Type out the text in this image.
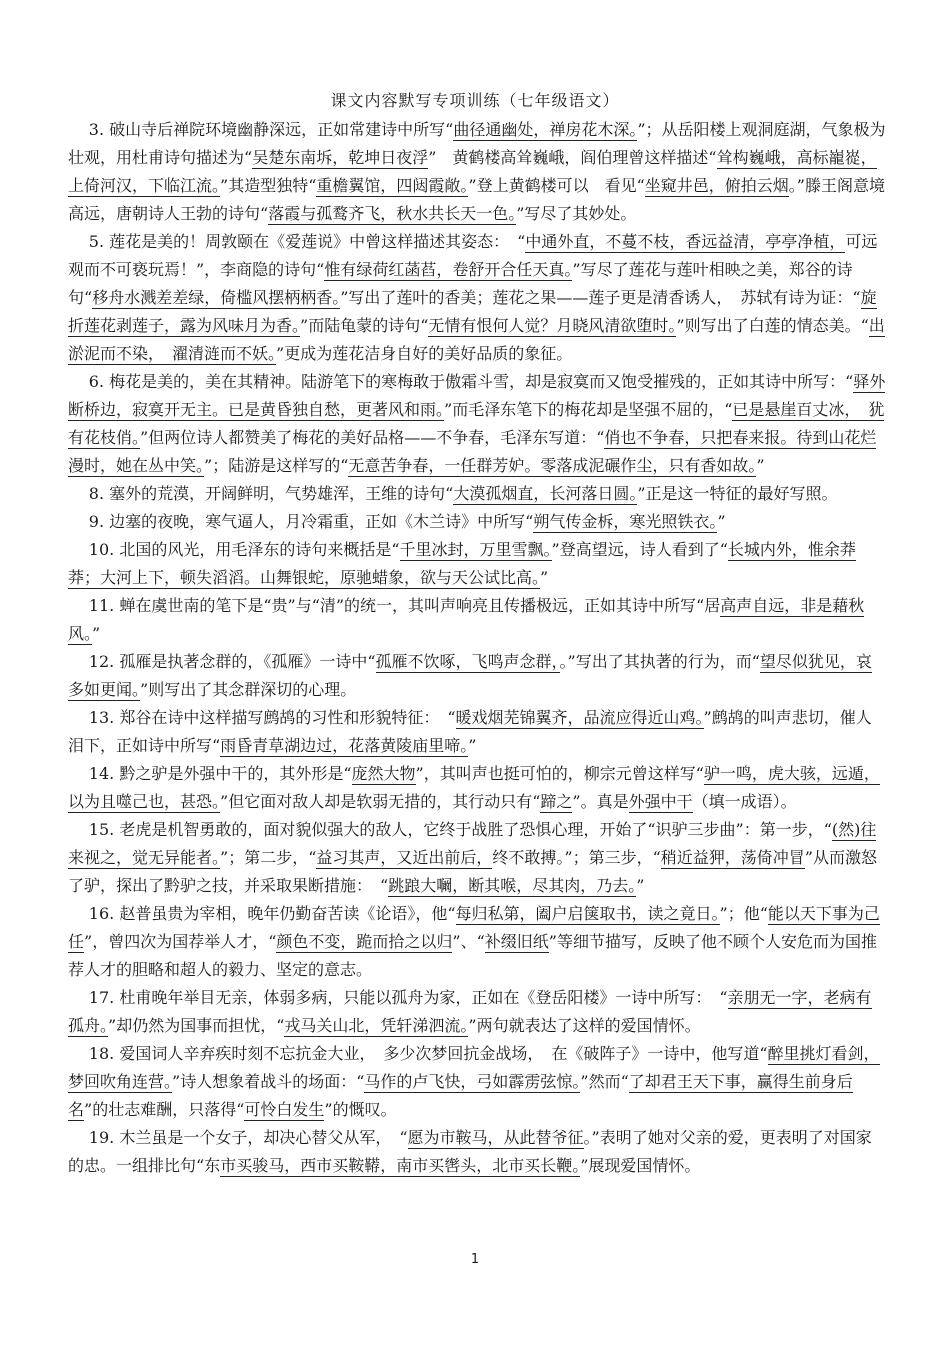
课文内容默写专项训练（七年级语文）

3. 破山寺后禅院环境幽静深远，正如常建诗中所写“曲径通幽处，禅房花木深。”；从岳阳楼上观洞庭湖，气象极为壮观，用杜甫诗句描述为“吴楚东南坼，乾坤日夜浮”　黄鹤楼高耸巍峨，阎伯理曾这样描述“耸构巍峨，高标巃嵸，上倚河汉，下临江流。”其造型独特“重檐翼馆，四闼霞敞。”登上黄鹤楼可以　看见“坐窥井邑，俯拍云烟。”滕王阁意境高远，唐朝诗人王勃的诗句“落霞与孤鹜齐飞，秋水共长天一色。”写尽了其妙处。

5. 莲花是美的！周敦颐在《爱莲说》中曾这样描述其姿态：　“中通外直，不蔓不枝，香远益清，亭亭净植，可远观而不可亵玩焉！”，李商隐的诗句“惟有绿荷红菡萏，卷舒开合任天真。”写尽了莲花与莲叶相映之美，郑谷的诗句“移舟水溅差差绿，倚槛风摆柄柄香。”写出了莲叶的香美；莲花之果——莲子更是清香诱人，　苏轼有诗为证：“旋折莲花剥莲子，露为风味月为香。”而陆龟蒙的诗句“无情有恨何人觉？月晓风清欲堕时。”则写出了白莲的情态美。“出淤泥而不染，　濯清涟而不妖。”更成为莲花洁身自好的美好品质的象征。

6. 梅花是美的，美在其精神。陆游笔下的寒梅敢于傲霜斗雪，却是寂寞而又饱受摧残的，正如其诗中所写：“驿外断桥边，寂寞开无主。已是黄昏独自愁，更著风和雨。”而毛泽东笔下的梅花却是坚强不屈的，“已是悬崖百丈冰，　犹有花枝俏。”但两位诗人都赞美了梅花的美好品格——不争春，毛泽东写道：“俏也不争春，只把春来报。待到山花烂漫时，她在丛中笑。”；陆游是这样写的“无意苦争春，一任群芳妒。零落成泥碾作尘，只有香如故。”

8. 塞外的荒漠，开阔鲜明，气势雄浑，王维的诗句“大漠孤烟直，长河落日圆。”正是这一特征的最好写照。

9. 边塞的夜晚，寒气逼人，月冷霜重，正如《木兰诗》中所写“朔气传金柝，寒光照铁衣。”

10. 北国的风光，用毛泽东的诗句来概括是“千里冰封，万里雪飘。”登高望远，诗人看到了“长城内外，惟余莽莽；大河上下，顿失滔滔。山舞银蛇，原驰蜡象，欲与天公试比高。”

11. 蝉在虞世南的笔下是“贵”与“清”的统一，其叫声响亮且传播极远，正如其诗中所写“居高声自远，非是藉秋风。”

12. 孤雁是执著念群的，《孤雁》一诗中“孤雁不饮啄，飞鸣声念群，。”写出了其执著的行为，而“望尽似犹见，哀多如更闻。”则写出了其念群深切的心理。

13. 郑谷在诗中这样描写鹧鸪的习性和形貌特征：　“暖戏烟芜锦翼齐，品流应得近山鸡。”鹧鸪的叫声悲切，催人泪下，正如诗中所写“雨昏青草湖边过，花落黄陵庙里啼。”

14. 黔之驴是外强中干的，其外形是“庞然大物”，其叫声也挺可怕的，柳宗元曾这样写“驴一鸣，虎大骇，远遁，以为且噬己也，甚恐。”但它面对敌人却是软弱无措的，其行动只有“蹄之”。真是外强中干（填一成语）。

15. 老虎是机智勇敢的，面对貌似强大的敌人，它终于战胜了恐惧心理，开始了“识驴三步曲”：第一步，“(然)往来视之，觉无异能者。”；第二步，“益习其声，又近出前后，终不敢搏。”；第三步，“稍近益狎，荡倚冲冒”从而激怒了驴，探出了黔驴之技，并采取果断措施：　“跳踉大㘎，断其喉，尽其肉，乃去。”

16. 赵普虽贵为宰相，晚年仍勤奋苦读《论语》，他“每归私第，阖户启箧取书，读之竟日。”；他“能以天下事为己任”，曾四次为国荐举人才，“颜色不变，跪而拾之以归”、“补缀旧纸”等细节描写，反映了他不顾个人安危而为国推荐人才的胆略和超人的毅力、坚定的意志。

17. 杜甫晚年举目无亲，体弱多病，只能以孤舟为家，正如在《登岳阳楼》一诗中所写：　“亲朋无一字，老病有孤舟。”却仍然为国事而担忧，“戎马关山北，凭轩涕泗流。”两句就表达了这样的爱国情怀。

18. 爱国词人辛弃疾时刻不忘抗金大业，　多少次梦回抗金战场，　在《破阵子》一诗中，他写道“醉里挑灯看剑，梦回吹角连营。”诗人想象着战斗的场面：“马作的卢飞快，弓如霹雳弦惊。”然而“了却君王天下事，赢得生前身后名”的壮志难酬，只落得“可怜白发生”的慨叹。

19. 木兰虽是一个女子，却决心替父从军，　“愿为市鞍马，从此替爷征。”表明了她对父亲的爱，更表明了对国家的忠。一组排比句“东市买骏马，西市买鞍鞯，南市买辔头，北市买长鞭。”展现爱国情怀。

1
